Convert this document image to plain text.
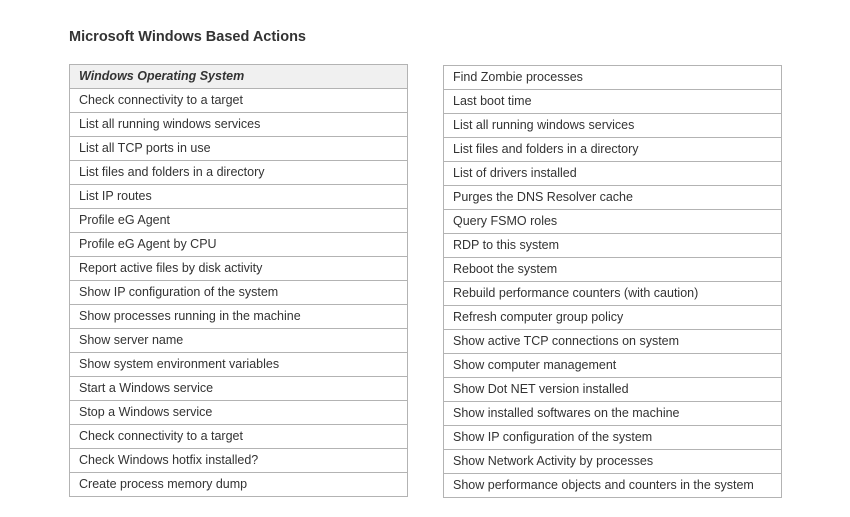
Microsoft Windows Based Actions
Windows Operating System
Check connectivity to a target
List all running windows services
List all TCP ports in use
List files and folders in a directory
List IP routes
Profile eG Agent
Profile eG Agent by CPU
Report active files by disk activity
Show IP configuration of the system
Show processes running in the machine
Show server name
Show system environment variables
Start a Windows service
Stop a Windows service
Check connectivity to a target
Check Windows hotfix installed?
Create process memory dump
Find Zombie processes
Last boot time
List all running windows services
List files and folders in a directory
List of drivers installed
Purges the DNS Resolver cache
Query FSMO roles
RDP to this system
Reboot the system
Rebuild performance counters (with caution)
Refresh computer group policy
Show active TCP connections on system
Show computer management
Show Dot NET version installed
Show installed softwares on the machine
Show IP configuration of the system
Show Network Activity by processes
Show performance objects and counters in the system
